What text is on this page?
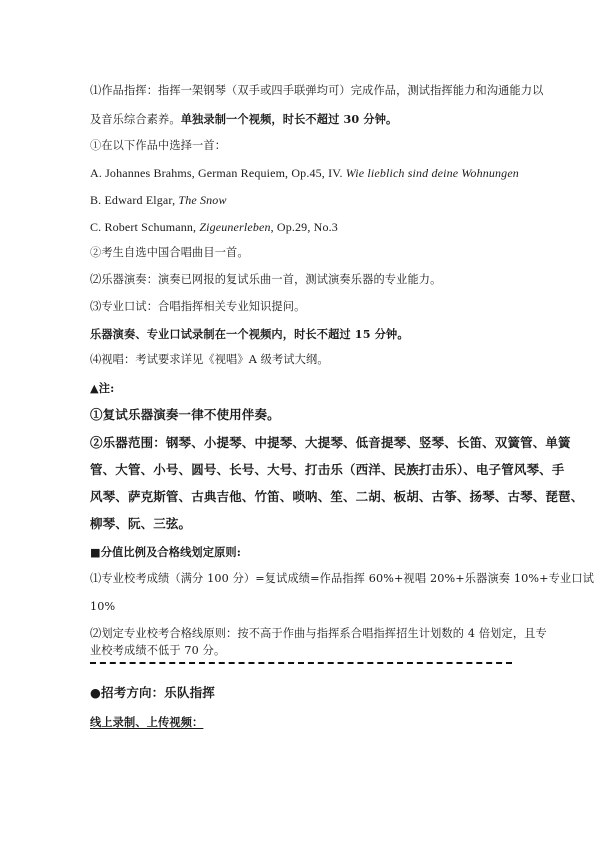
⑴作品指挥：指挥一架钢琴（双手或四手联弹均可）完成作品，测试指挥能力和沟通能力以
及音乐综合素养。单独录制一个视频，时长不超过 30 分钟。
①在以下作品中选择一首：
A. Johannes Brahms, German Requiem, Op.45, IV. Wie lieblich sind deine Wohnungen
B. Edward Elgar, The Snow
C. Robert Schumann, Zigeunerleben, Op.29, No.3
②考生自选中国合唱曲目一首。
⑵乐器演奏：演奏已网报的复试乐曲一首，测试演奏乐器的专业能力。
⑶专业口试：合唱指挥相关专业知识提问。
乐器演奏、专业口试录制在一个视频内，时长不超过 15 分钟。
⑷视唱：考试要求详见《视唱》A 级考试大纲。
▲注:
①复试乐器演奏一律不使用伴奏。
②乐器范围：钢琴、小提琴、中提琴、大提琴、低音提琴、竖琴、长笛、双簧管、单簧
管、大管、小号、圆号、长号、大号、打击乐（西洋、民族打击乐）、电子管风琴、手
风琴、萨克斯管、古典吉他、竹笛、唢呐、笙、二胡、板胡、古筝、扬琴、古琴、琵琶、
柳琴、阮、三弦。
■分值比例及合格线划定原则:
⑴专业校考成绩（满分 100 分）=复试成绩=作品指挥 60%+视唱 20%+乐器演奏 10%+专业口试
10%
⑵划定专业校考合格线原则：按不高于作曲与指挥系合唱指挥招生计划数的 4 倍划定，且专
业校考成绩不低于 70 分。
●招考方向：乐队指挥
线上录制、上传视频：
